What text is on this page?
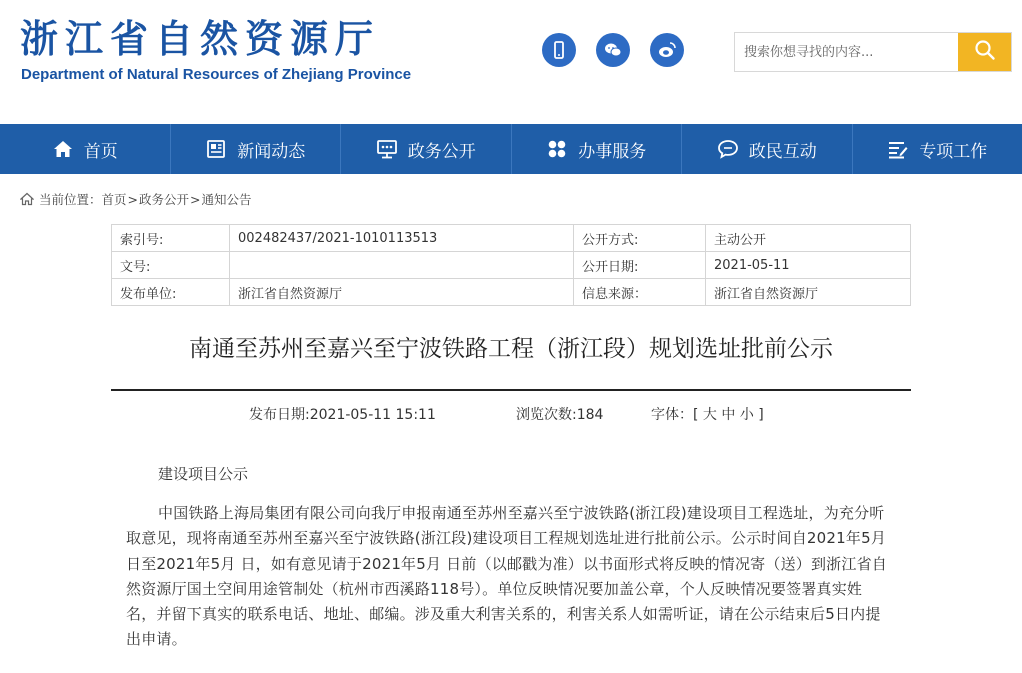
浙江省自然资源厅
Department of Natural Resources of Zhejiang Province
搜索你想寻找的内容...
首页	新闻动态	政务公开	办事服务	政民互动	专项工作
当前位置： 首页 > 政务公开 > 通知公告
索引号:	002482437/2021-1010113513	公开方式:	主动公开
文号:		公开日期:	2021-05-11
发布单位:	浙江省自然资源厅	信息来源：	浙江省自然资源厅
南通至苏州至嘉兴至宁波铁路工程（浙江段）规划选址批前公示
发布日期:2021-05-11 15:11	浏览次数:184	字体：[ 大 中 小 ]
建设项目公示
中国铁路上海局集团有限公司向我厅申报南通至苏州至嘉兴至宁波铁路(浙江段)建设项目工程选址，为充分听取意见，现将南通至苏州至嘉兴至宁波铁路(浙江段)建设项目工程规划选址进行批前公示。公示时间自2021年5月 日至2021年5月 日，如有意见请于2021年5月 日前（以邮戳为准）以书面形式将反映的情况寄（送）到浙江省自然资源厅国土空间用途管制处（杭州市西溪路118号）。单位反映情况要加盖公章，个人反映情况要签署真实姓名，并留下真实的联系电话、地址、邮编。涉及重大利害关系的，利害关系人如需听证，请在公示结束后5日内提出申请。
